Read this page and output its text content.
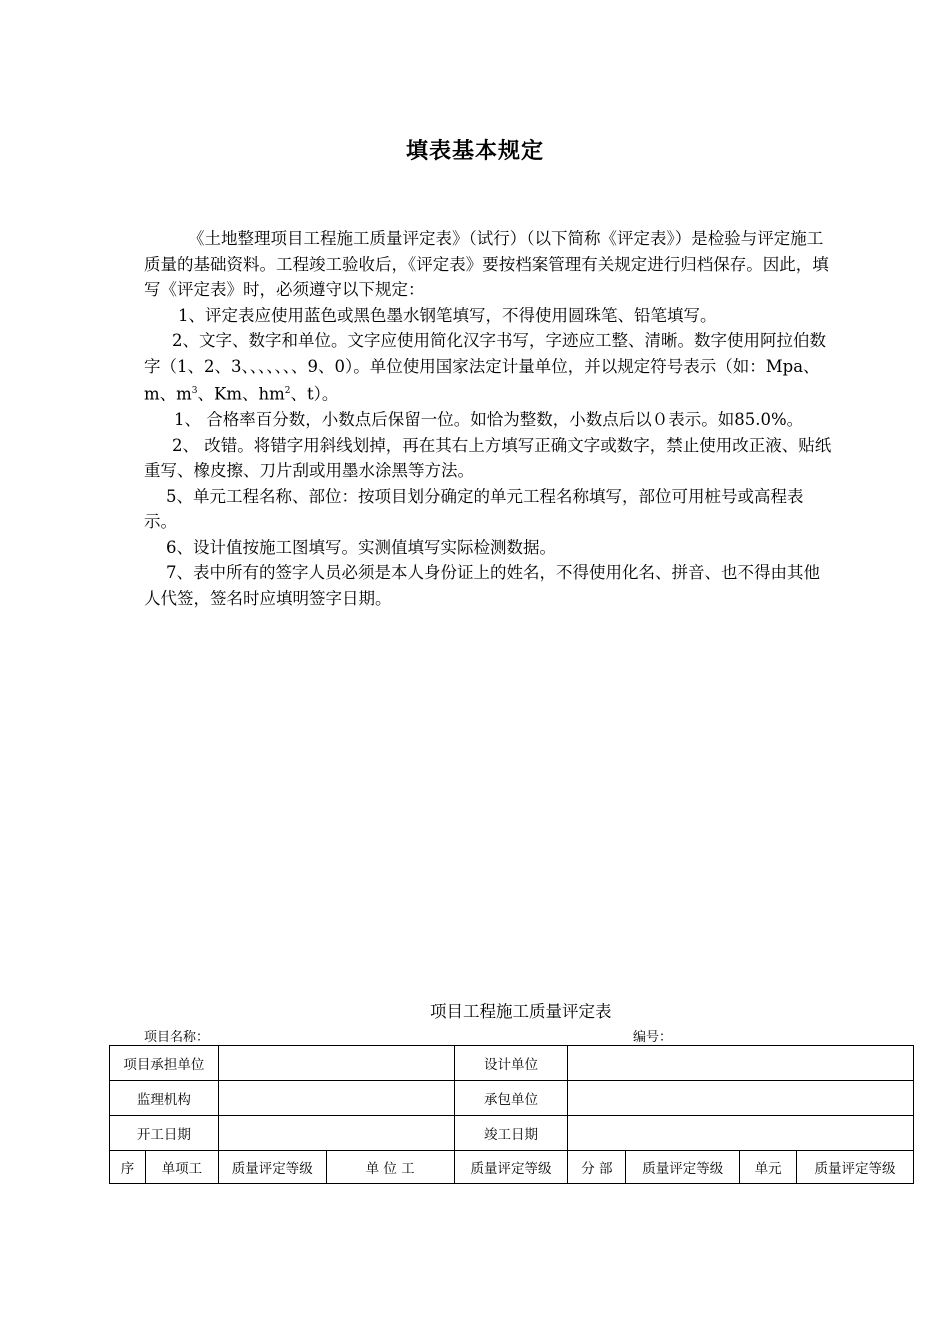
填表基本规定

《土地整理项目工程施工质量评定表》（试行）（以下简称《评定表》）是检验与评定施工质量的基础资料。工程竣工验收后，《评定表》要按档案管理有关规定进行归档保存。因此，填写《评定表》时，必须遵守以下规定：

1、评定表应使用蓝色或黑色墨水钢笔填写，不得使用圆珠笔、铅笔填写。

2、文字、数字和单位。文字应使用简化汉字书写，字迹应工整、清晰。数字使用阿拉伯数字（1、2、3、、、、、、、9、0）。单位使用国家法定计量单位，并以规定符号表示（如：Mpa、m、$m^3$、Km、$hm^2$、t）。

1、 合格率百分数，小数点后保留一位。如恰为整数，小数点后以０表示。如85.0%。

2、 改错。将错字用斜线划掉，再在其右上方填写正确文字或数字，禁止使用改正液、贴纸重写、橡皮擦、刀片刮或用墨水涂黑等方法。

5、单元工程名称、部位：按项目划分确定的单元工程名称填写，部位可用桩号或高程表示。

6、设计值按施工图填写。实测值填写实际检测数据。

7、表中所有的签字人员必须是本人身份证上的姓名，不得使用化名、拼音、也不得由其他人代签，签名时应填明签字日期。

项目工程施工质量评定表
项目名称：	编号：
项目承担单位				设计单位				
监理机构				承包单位				
开工日期				竣工日期				
序	单项工	质量评定等级	单 位 工	质量评定等级	分 部	质量评定等级	单元	质量评定等级
